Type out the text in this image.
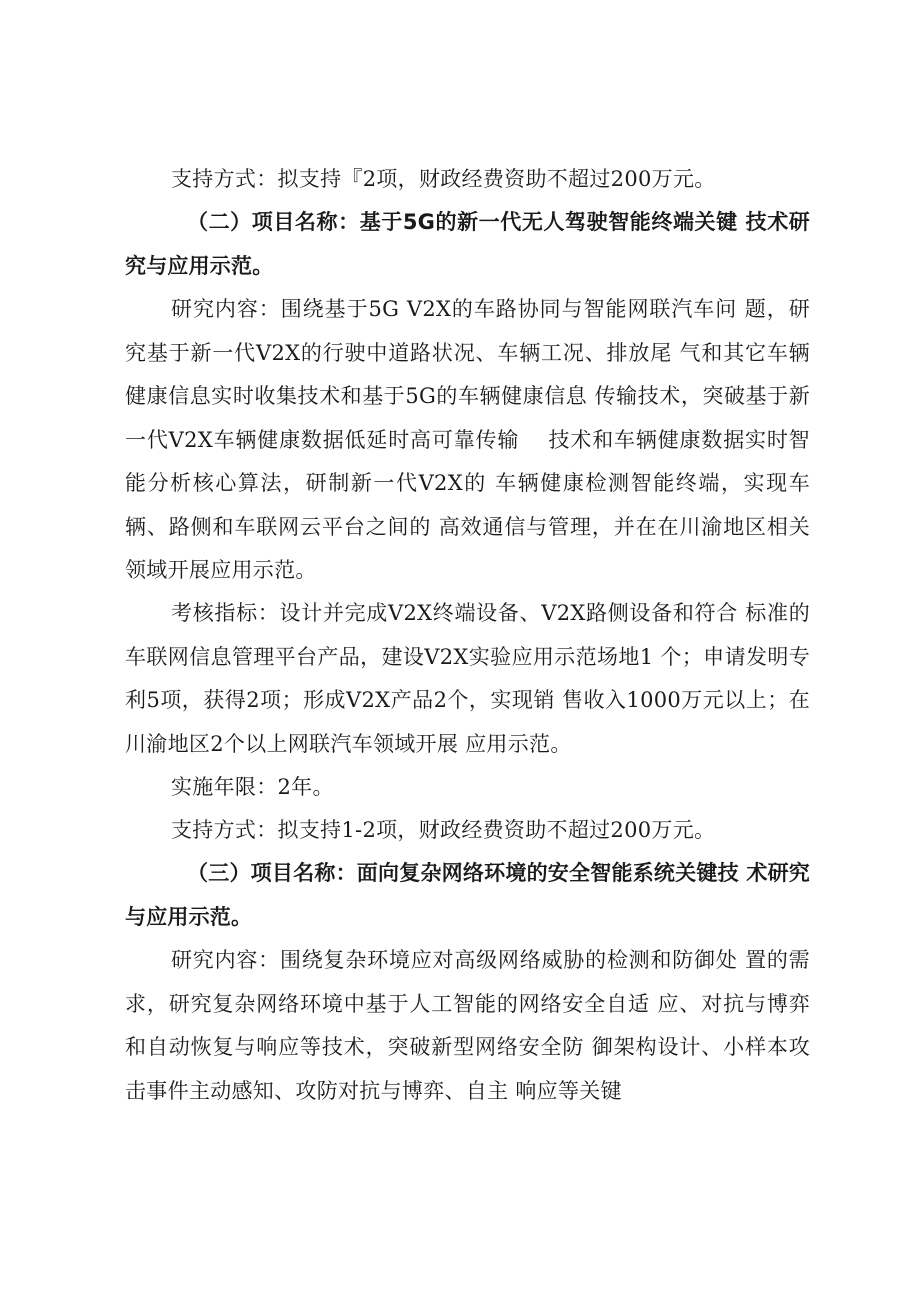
支持方式：拟支持『2项，财政经费资助不超过200万元。

（二）项目名称：基于5G的新一代无人驾驶智能终端关键 技术研究与应用示范。

研究内容：围绕基于5G V2X的车路协同与智能网联汽车问 题，研究基于新一代V2X的行驶中道路状况、车辆工况、排放尾 气和其它车辆健康信息实时收集技术和基于5G的车辆健康信息 传输技术，突破基于新一代V2X车辆健康数据低延时高可靠传输　 技术和车辆健康数据实时智能分析核心算法，研制新一代V2X的 车辆健康检测智能终端，实现车辆、路侧和车联网云平台之间的 高效通信与管理，并在在川渝地区相关领域开展应用示范。

考核指标：设计并完成V2X终端设备、V2X路侧设备和符合 标准的车联网信息管理平台产品，建设V2X实验应用示范场地1 个；申请发明专利5项，获得2项；形成V2X产品2个，实现销 售收入1000万元以上；在川渝地区2个以上网联汽车领域开展 应用示范。

实施年限：2年。

支持方式：拟支持1-2项，财政经费资助不超过200万元。

（三）项目名称：面向复杂网络环境的安全智能系统关键技 术研究与应用示范。

研究内容：围绕复杂环境应对高级网络威胁的检测和防御处 置的需求，研究复杂网络环境中基于人工智能的网络安全自适 应、对抗与博弈和自动恢复与响应等技术，突破新型网络安全防 御架构设计、小样本攻击事件主动感知、攻防对抗与博弈、自主 响应等关键
